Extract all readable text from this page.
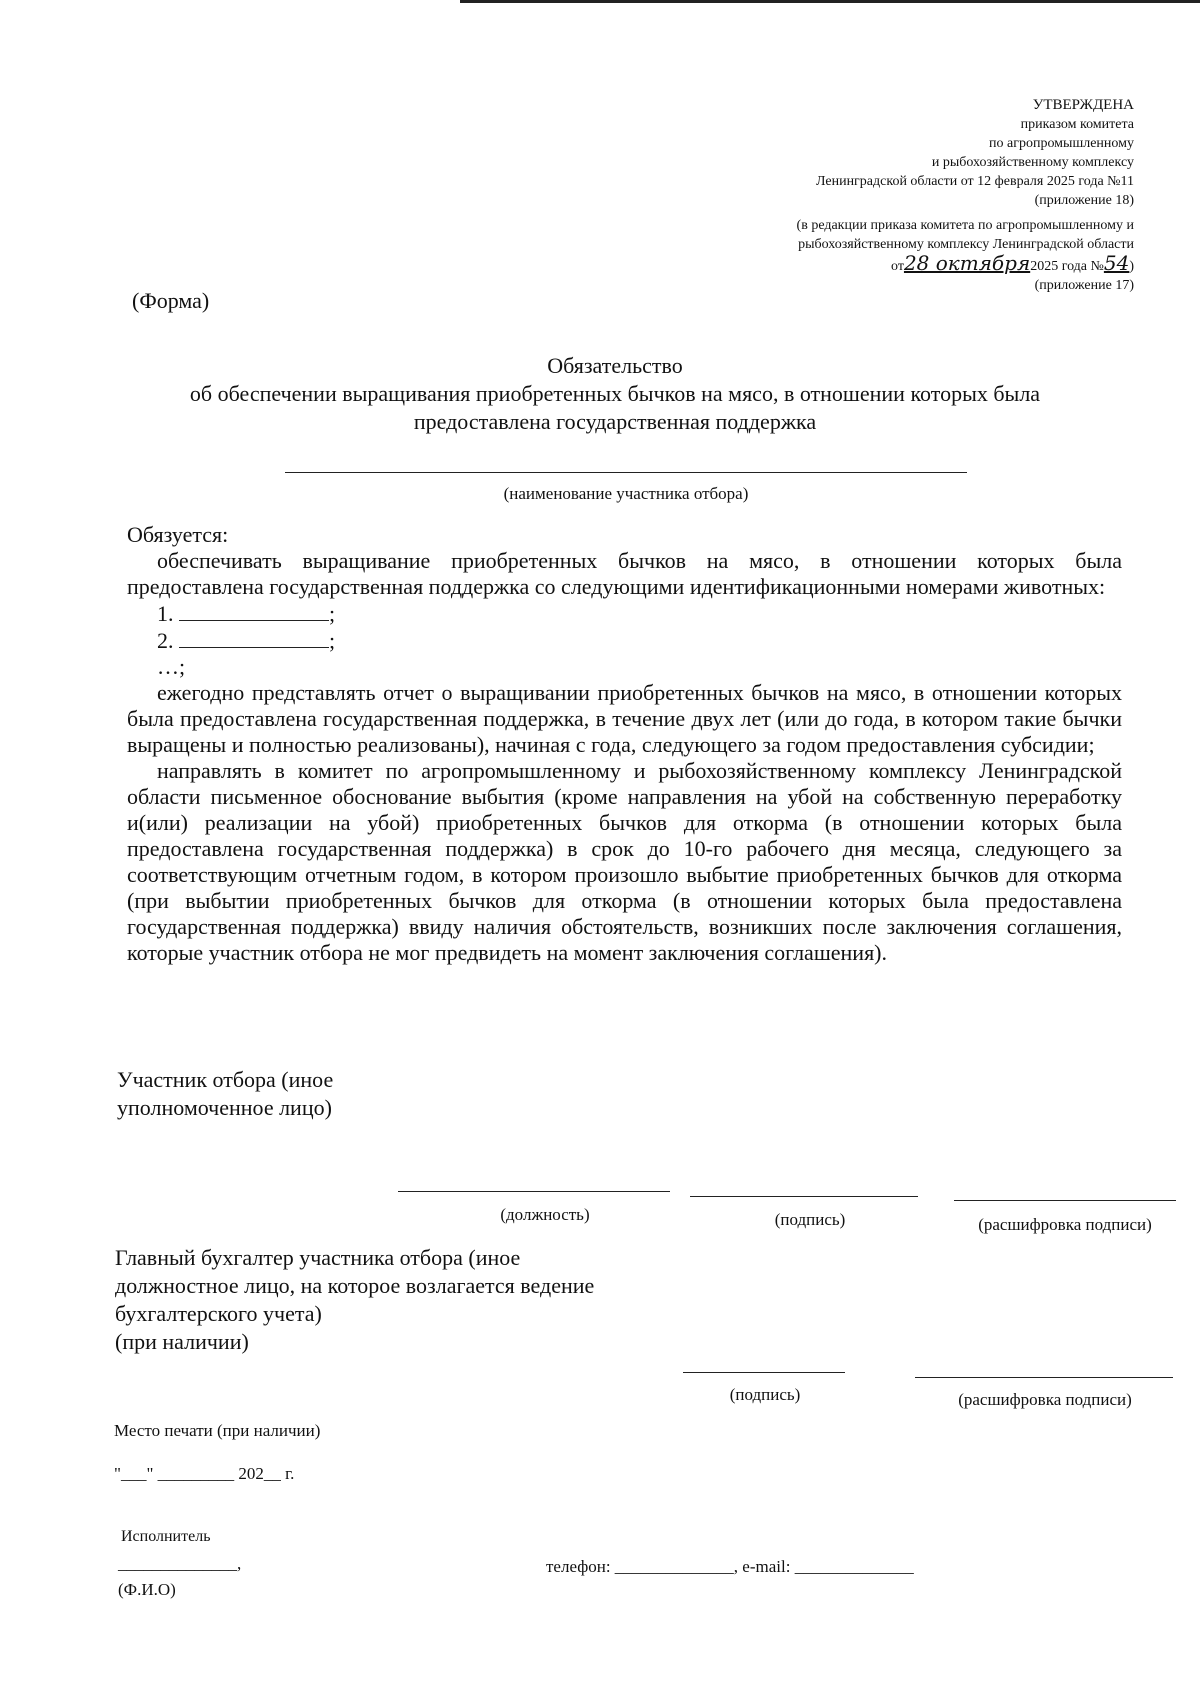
УТВЕРЖДЕНА
приказом комитета
по агропромышленному
и рыбохозяйственному комплексу
Ленинградской области от 12 февраля 2025 года №11
(приложение 18)
(в редакции приказа комитета по агропромышленному и
рыбохозяйственному комплексу Ленинградской области
от28 октября2025 года №54)
(приложение 17)
(Форма)
Обязательство
об обеспечении выращивания приобретенных бычков на мясо, в отношении которых была
предоставлена государственная поддержка
(наименование участника отбора)

Обязуется:

обеспечивать выращивание приобретенных бычков на мясо, в отношении которых была предоставлена государственная поддержка со следующими идентификационными номерами животных:

1.	;

2.	;

…;

ежегодно представлять отчет о выращивании приобретенных бычков на мясо, в отношении которых была предоставлена государственная поддержка, в течение двух лет (или до года, в котором такие бычки выращены и полностью реализованы), начиная с года, следующего за годом предоставления субсидии;

направлять в комитет по агропромышленному и рыбохозяйственному комплексу Ленинградской области письменное обоснование выбытия (кроме направления на убой на собственную переработку и(или) реализации на убой) приобретенных бычков для откорма (в отношении которых была предоставлена государственная поддержка) в срок до 10-го рабочего дня месяца, следующего за соответствующим отчетным годом, в котором произошло выбытие приобретенных бычков для откорма (при выбытии приобретенных бычков для откорма (в отношении которых была предоставлена государственная поддержка) ввиду наличия обстоятельств, возникших после заключения соглашения, которые участник отбора не мог предвидеть на момент заключения соглашения).

Участник отбора (иное
уполномоченное лицо)
(должность)	(подпись)	(расшифровка подписи)
Главный бухгалтер участника отбора (иное
должностное лицо, на которое возлагается ведение
бухгалтерского учета)
(при наличии)
(подпись)	(расшифровка подписи)
Место печати (при наличии)
"___" _________ 202__ г.
Исполнитель
______________,
(Ф.И.О)
телефон: ______________, e-mail: ______________
